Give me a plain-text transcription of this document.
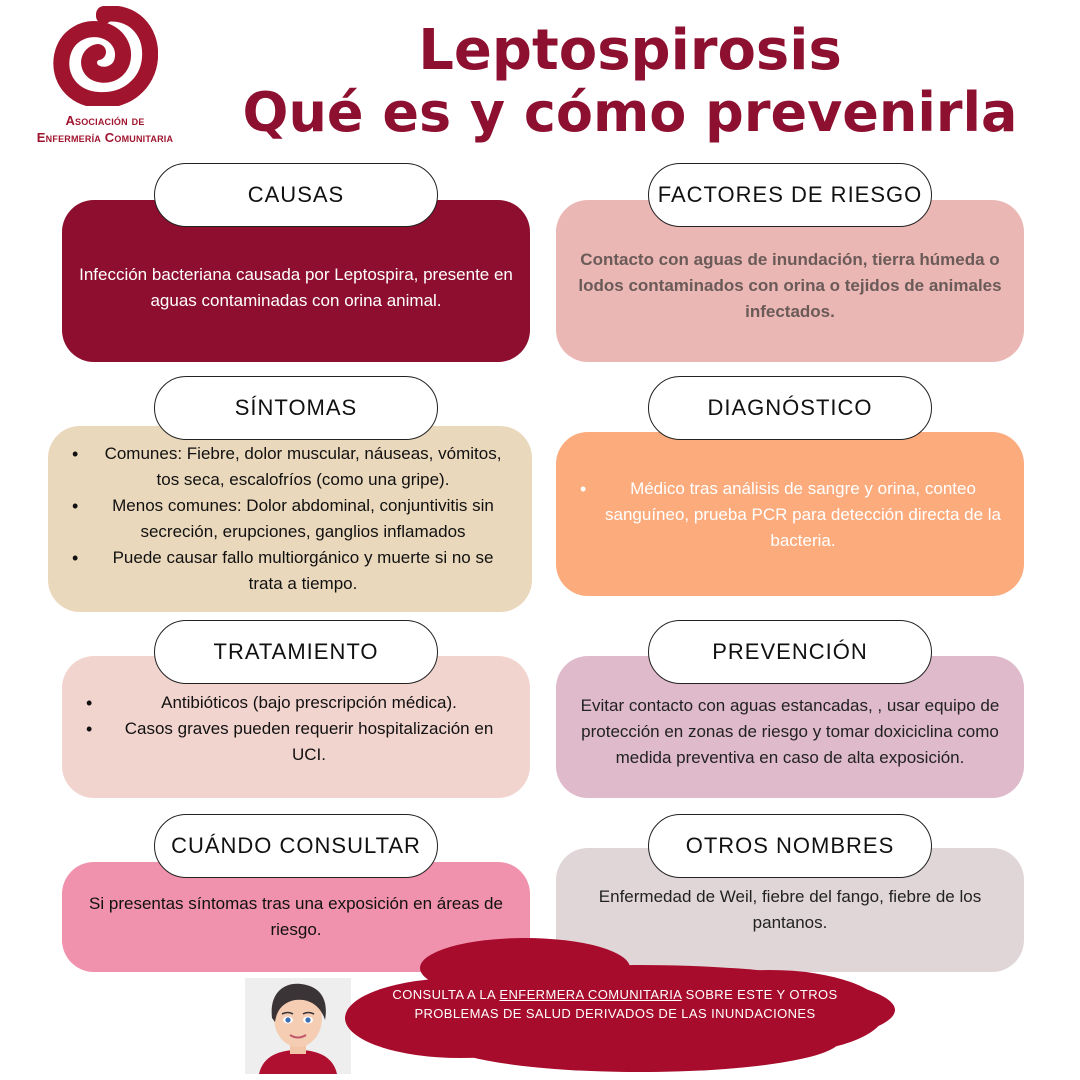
Asociación de
Enfermería Comunitaria
Leptospirosis
Qué es y cómo prevenirla
Infección bacteriana causada por Leptospira, presente en aguas contaminadas con orina animal.
CAUSAS
Contacto con aguas de inundación, tierra húmeda o lodos contaminados con orina o tejidos de animales infectados.
FACTORES DE RIESGO
• Comunes: Fiebre, dolor muscular, náuseas, vómitos, tos seca, escalofríos (como una gripe).
• Menos comunes: Dolor abdominal, conjuntivitis sin secreción, erupciones, ganglios inflamados
• Puede causar fallo multiorgánico y muerte si no se trata a tiempo.
SÍNTOMAS
• Médico tras análisis de sangre y orina, conteo sanguíneo, prueba PCR para detección directa de la bacteria.
DIAGNÓSTICO
• Antibióticos (bajo prescripción médica).
• Casos graves pueden requerir hospitalización en UCI.
TRATAMIENTO
Evitar contacto con aguas estancadas, , usar equipo de protección en zonas de riesgo y tomar doxiciclina como medida preventiva en caso de alta exposición.
PREVENCIÓN
Si presentas síntomas tras una exposición en áreas de riesgo.
CUÁNDO CONSULTAR
Enfermedad de Weil, fiebre del fango, fiebre de los pantanos.
OTROS NOMBRES
CONSULTA A LA ENFERMERA COMUNITARIA SOBRE ESTE Y OTROS PROBLEMAS DE SALUD DERIVADOS DE LAS INUNDACIONES
